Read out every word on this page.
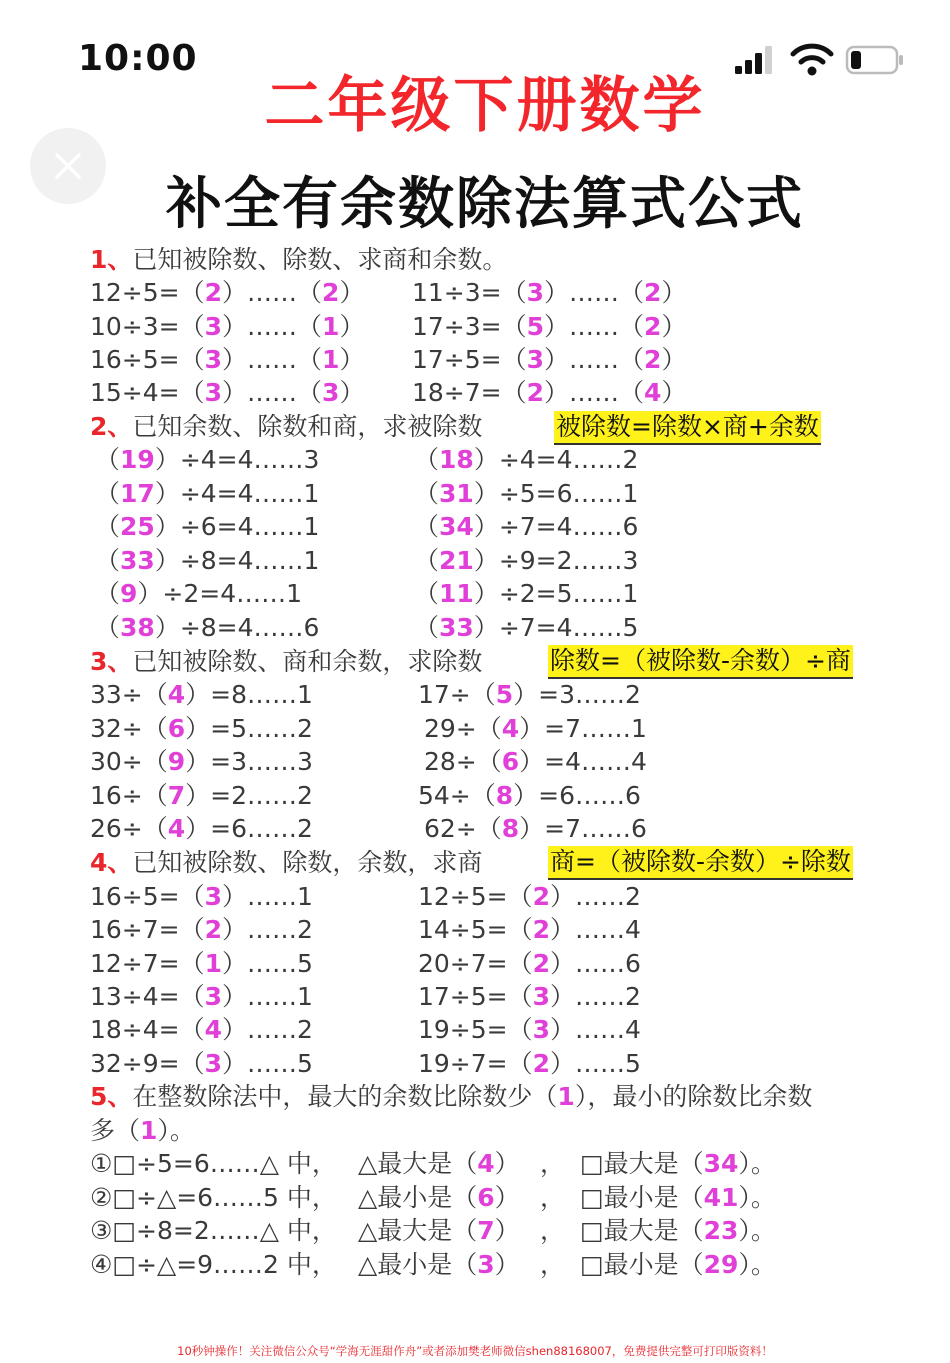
10:00
二年级下册数学
补全有余数除法算式公式
1、已知被除数、除数、求商和余数。
12÷5=（2）……（2）
10÷3=（3）……（1）
16÷5=（3）……（1）
15÷4=（3）……（3）
11÷3=（3）……（2）
17÷3=（5）……（2）
17÷5=（3）……（2）
18÷7=（2）……（4）
2、已知余数、除数和商，求被除数	被除数=除数×商+余数
（19）÷4=4……3
（17）÷4=4……1
（25）÷6=4……1
（33）÷8=4……1
（9）÷2=4……1
（38）÷8=4……6
（18）÷4=4……2
（31）÷5=6……1
（34）÷7=4……6
（21）÷9=2……3
（11）÷2=5……1
（33）÷7=4……5
3、已知被除数、商和余数，求除数	除数=（被除数-余数）÷商
33÷（4）=8……1
32÷（6）=5……2
30÷（9）=3……3
16÷（7）=2……2
26÷（4）=6……2
17÷（5）=3……2
29÷（4）=7……1
28÷（6）=4……4
54÷（8）=6……6
62÷（8）=7……6
4、已知被除数、除数，余数，求商	商=（被除数-余数）÷除数
16÷5=（3）……1
16÷7=（2）……2
12÷7=（1）……5
13÷4=（3）……1
18÷4=（4）……2
32÷9=（3）……5
12÷5=（2）……2
14÷5=（2）……4
20÷7=（2）……6
17÷5=（3）……2
19÷5=（3）……4
19÷7=（2）……5
5、在整数除法中，最大的余数比除数少（1），最小的除数比余数
多（1）。
①□÷5=6……△ 中， △最大是（4） ， □最大是（34）。
②□÷△=6……5 中， △最小是（6） ， □最小是（41）。
③□÷8=2……△ 中， △最大是（7） ， □最大是（23）。
④□÷△=9……2 中， △最小是（3） ， □最小是（29）。
10秒钟操作！关注微信公众号“学海无涯甜作舟”或者添加樊老师微信shen88168007，免费提供完整可打印版资料！
